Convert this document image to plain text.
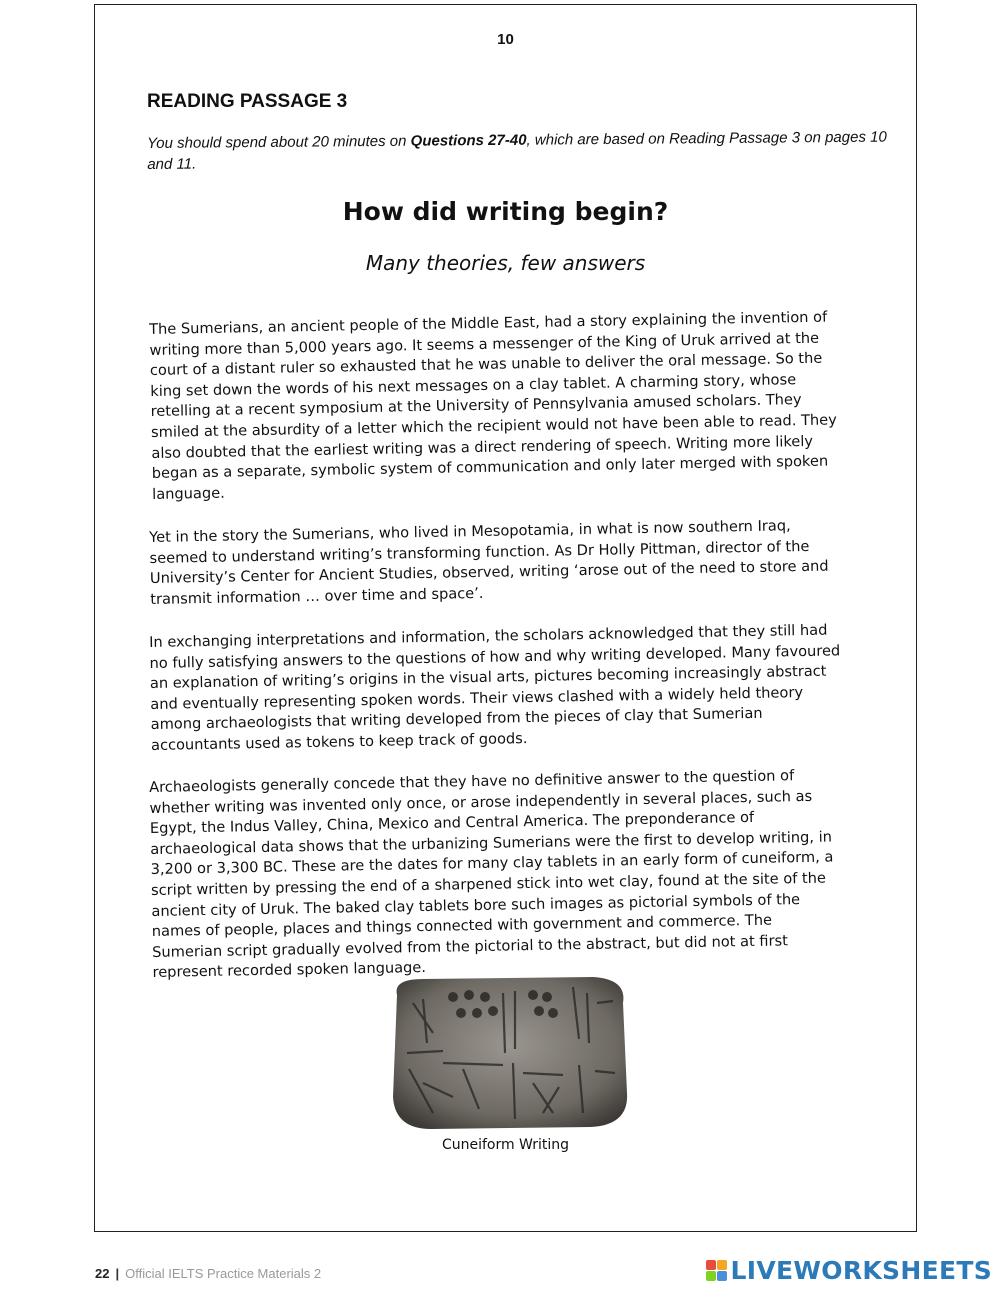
10
READING PASSAGE 3
You should spend about 20 minutes on Questions 27-40, which are based on Reading Passage 3 on pages 10 and 11.
How did writing begin?
Many theories, few answers

The Sumerians, an ancient people of the Middle East, had a story explaining the invention of writing more than 5,000 years ago. It seems a messenger of the King of Uruk arrived at the court of a distant ruler so exhausted that he was unable to deliver the oral message. So the king set down the words of his next messages on a clay tablet. A charming story, whose retelling at a recent symposium at the University of Pennsylvania amused scholars. They smiled at the absurdity of a letter which the recipient would not have been able to read. They also doubted that the earliest writing was a direct rendering of speech. Writing more likely began as a separate, symbolic system of communication and only later merged with spoken language.

Yet in the story the Sumerians, who lived in Mesopotamia, in what is now southern Iraq, seemed to understand writing’s transforming function. As Dr Holly Pittman, director of the University’s Center for Ancient Studies, observed, writing ‘arose out of the need to store and transmit information … over time and space’.

In exchanging interpretations and information, the scholars acknowledged that they still had no fully satisfying answers to the questions of how and why writing developed. Many favoured an explanation of writing’s origins in the visual arts, pictures becoming increasingly abstract and eventually representing spoken words. Their views clashed with a widely held theory among archaeologists that writing developed from the pieces of clay that Sumerian accountants used as tokens to keep track of goods.

Archaeologists generally concede that they have no definitive answer to the question of whether writing was invented only once, or arose independently in several places, such as Egypt, the Indus Valley, China, Mexico and Central America. The preponderance of archaeological data shows that the urbanizing Sumerians were the first to develop writing, in 3,200 or 3,300 BC. These are the dates for many clay tablets in an early form of cuneiform, a script written by pressing the end of a sharpened stick into wet clay, found at the site of the ancient city of Uruk. The baked clay tablets bore such images as pictorial symbols of the names of people, places and things connected with government and commerce. The Sumerian script gradually evolved from the pictorial to the abstract, but did not at first represent recorded spoken language.

Cuneiform Writing
22 | Official IELTS Practice Materials 2	LIVEWORKSHEETS
